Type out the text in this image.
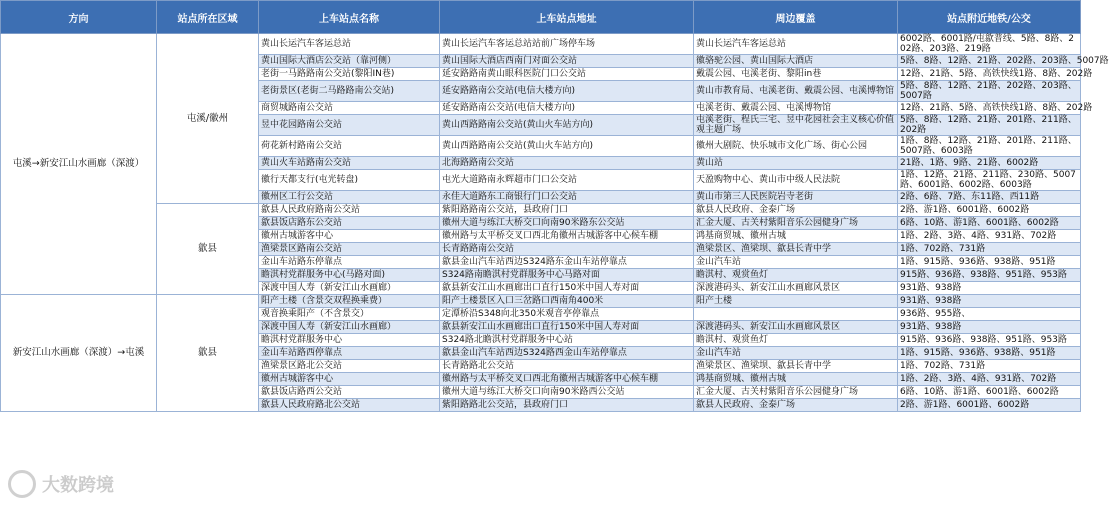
方向	站点所在区域	上车站点名称	上车站点地址	周边覆盖	站点附近地铁/公交
屯溪→新安江山水画廊（深渡）	屯溪/徽州	黄山长运汽车客运总站	黄山长运汽车客运总站站前广场停车场	黄山长运汽车客运总站	6002路、6001路/屯歙普线、5路、8路、202路、203路、219路
		黄山国际大酒店公交站（靠河侧）	黄山国际大酒店西南门对面公交站	徽骆驼公园、黄山国际大酒店	5路、8路、12路、21路、202路、203路、5007路
		老街一马路路南公交站(黎阳IN巷)	延安路路南黄山眼科医院门口公交站	戴震公园、屯溪老街、黎阳in巷	12路、21路、5路、高铁快线1路、8路、202路
		老街景区(老街二马路路南公交站)	延安路路南公交站(电信大楼方向)	黄山市教育局、屯溪老街、戴震公园、屯溪博物馆	5路、8路、12路、21路、202路、203路、5007路
		商贸城路南公交站	延安路路南公交站(电信大楼方向)	屯溪老街、戴震公园、屯溪博物馆	12路、21路、5路、高铁快线1路、8路、202路
		昱中花园路南公交站	黄山西路路南公交站(黄山火车站方向)	屯溪老街、程氏三宅、昱中花园社会主义核心价值观主题广场	5路、8路、12路、21路、201路、211路、202路
		荷花新村路南公交站	黄山西路路南公交站(黄山火车站方向)	徽州大剧院、快乐城市文化广场、街心公园	1路、8路、12路、21路、201路、211路、5007路、6003路
		黄山火车站路南公交站	北海路路南公交站	黄山站	21路、1路、9路、21路、6002路
		徽行天都支行(屯光转盘)	屯光大道路南永辉超市门口公交站	天盈购物中心、黄山市中级人民法院	1路、12路、21路、211路、230路、5007路、6001路、6002路、6003路
		徽州区工行公交站	永佳大道路东工商银行门口公交站	黄山市第三人民医院岩寺老街	2路、6路、7路、东11路、西11路
	歙县	歙县人民政府路南公交站	紫阳路路南公交站，县政府门口	歙县人民政府、金泰广场	2路、游1路、6001路、6002路
		歙县饭店路东公交站	徽州大道与练江大桥交口向南90米路东公交站	汇金大厦、古关村紫阳音乐公园健身广场	6路、10路、游1路、6001路、6002路
		徽州古城游客中心	徽州路与太平桥交叉口西北角徽州古城游客中心候车棚	鸿基商贸城、徽州古城	1路、2路、3路、4路、931路、702路
		渔梁景区路南公交站	长青路路南公交站	渔梁景区、渔梁坝、歙县长青中学	1路、702路、731路
		金山车站路东停靠点	歙县金山汽车站西边S324路东金山车站停靠点	金山汽车站	1路、915路、936路、938路、951路
		瞻淇村党群服务中心(马路对面)	S324路南瞻淇村党群服务中心马路对面	瞻淇村、观赏鱼灯	915路、936路、938路、951路、953路
		深渡中国人寿（新安江山水画廊）	歙县新安江山水画廊出口直行150米中国人寿对面	深渡港码头、新安江山水画廊风景区	931路、938路
新安江山水画廊（深渡）→屯溪	歙县	阳产土楼（含景交双程换乘费）	阳产土楼景区入口三岔路口西南角400米	阳产土楼	931路、938路
		观音换乘阳产（不含景交）	定潭桥沿S348向北350米观音亭停靠点		936路、955路、
		深渡中国人寿（新安江山水画廊）	歙县新安江山水画廊出口直行150米中国人寿对面	深渡港码头、新安江山水画廊风景区	931路、938路
		瞻淇村党群服务中心	S324路北瞻淇村党群服务中心站	瞻淇村、观赏鱼灯	915路、936路、938路、951路、953路
		金山车站路西停靠点	歙县金山汽车站西边S324路西金山车站停靠点	金山汽车站	1路、915路、936路、938路、951路
		渔梁景区路北公交站	长青路路北公交站	渔梁景区、渔梁坝、歙县长青中学	1路、702路、731路
		徽州古城游客中心	徽州路与太平桥交叉口西北角徽州古城游客中心候车棚	鸿基商贸城、徽州古城	1路、2路、3路、4路、931路、702路
		歙县饭店路西公交站	徽州大道与练江大桥交口向南90米路西公交站	汇金大厦、古关村紫阳音乐公园健身广场	6路、10路、游1路、6001路、6002路
		歙县人民政府路北公交站	紫阳路路北公交站，县政府门口	歙县人民政府、金泰广场	2路、游1路、6001路、6002路
大数跨境
